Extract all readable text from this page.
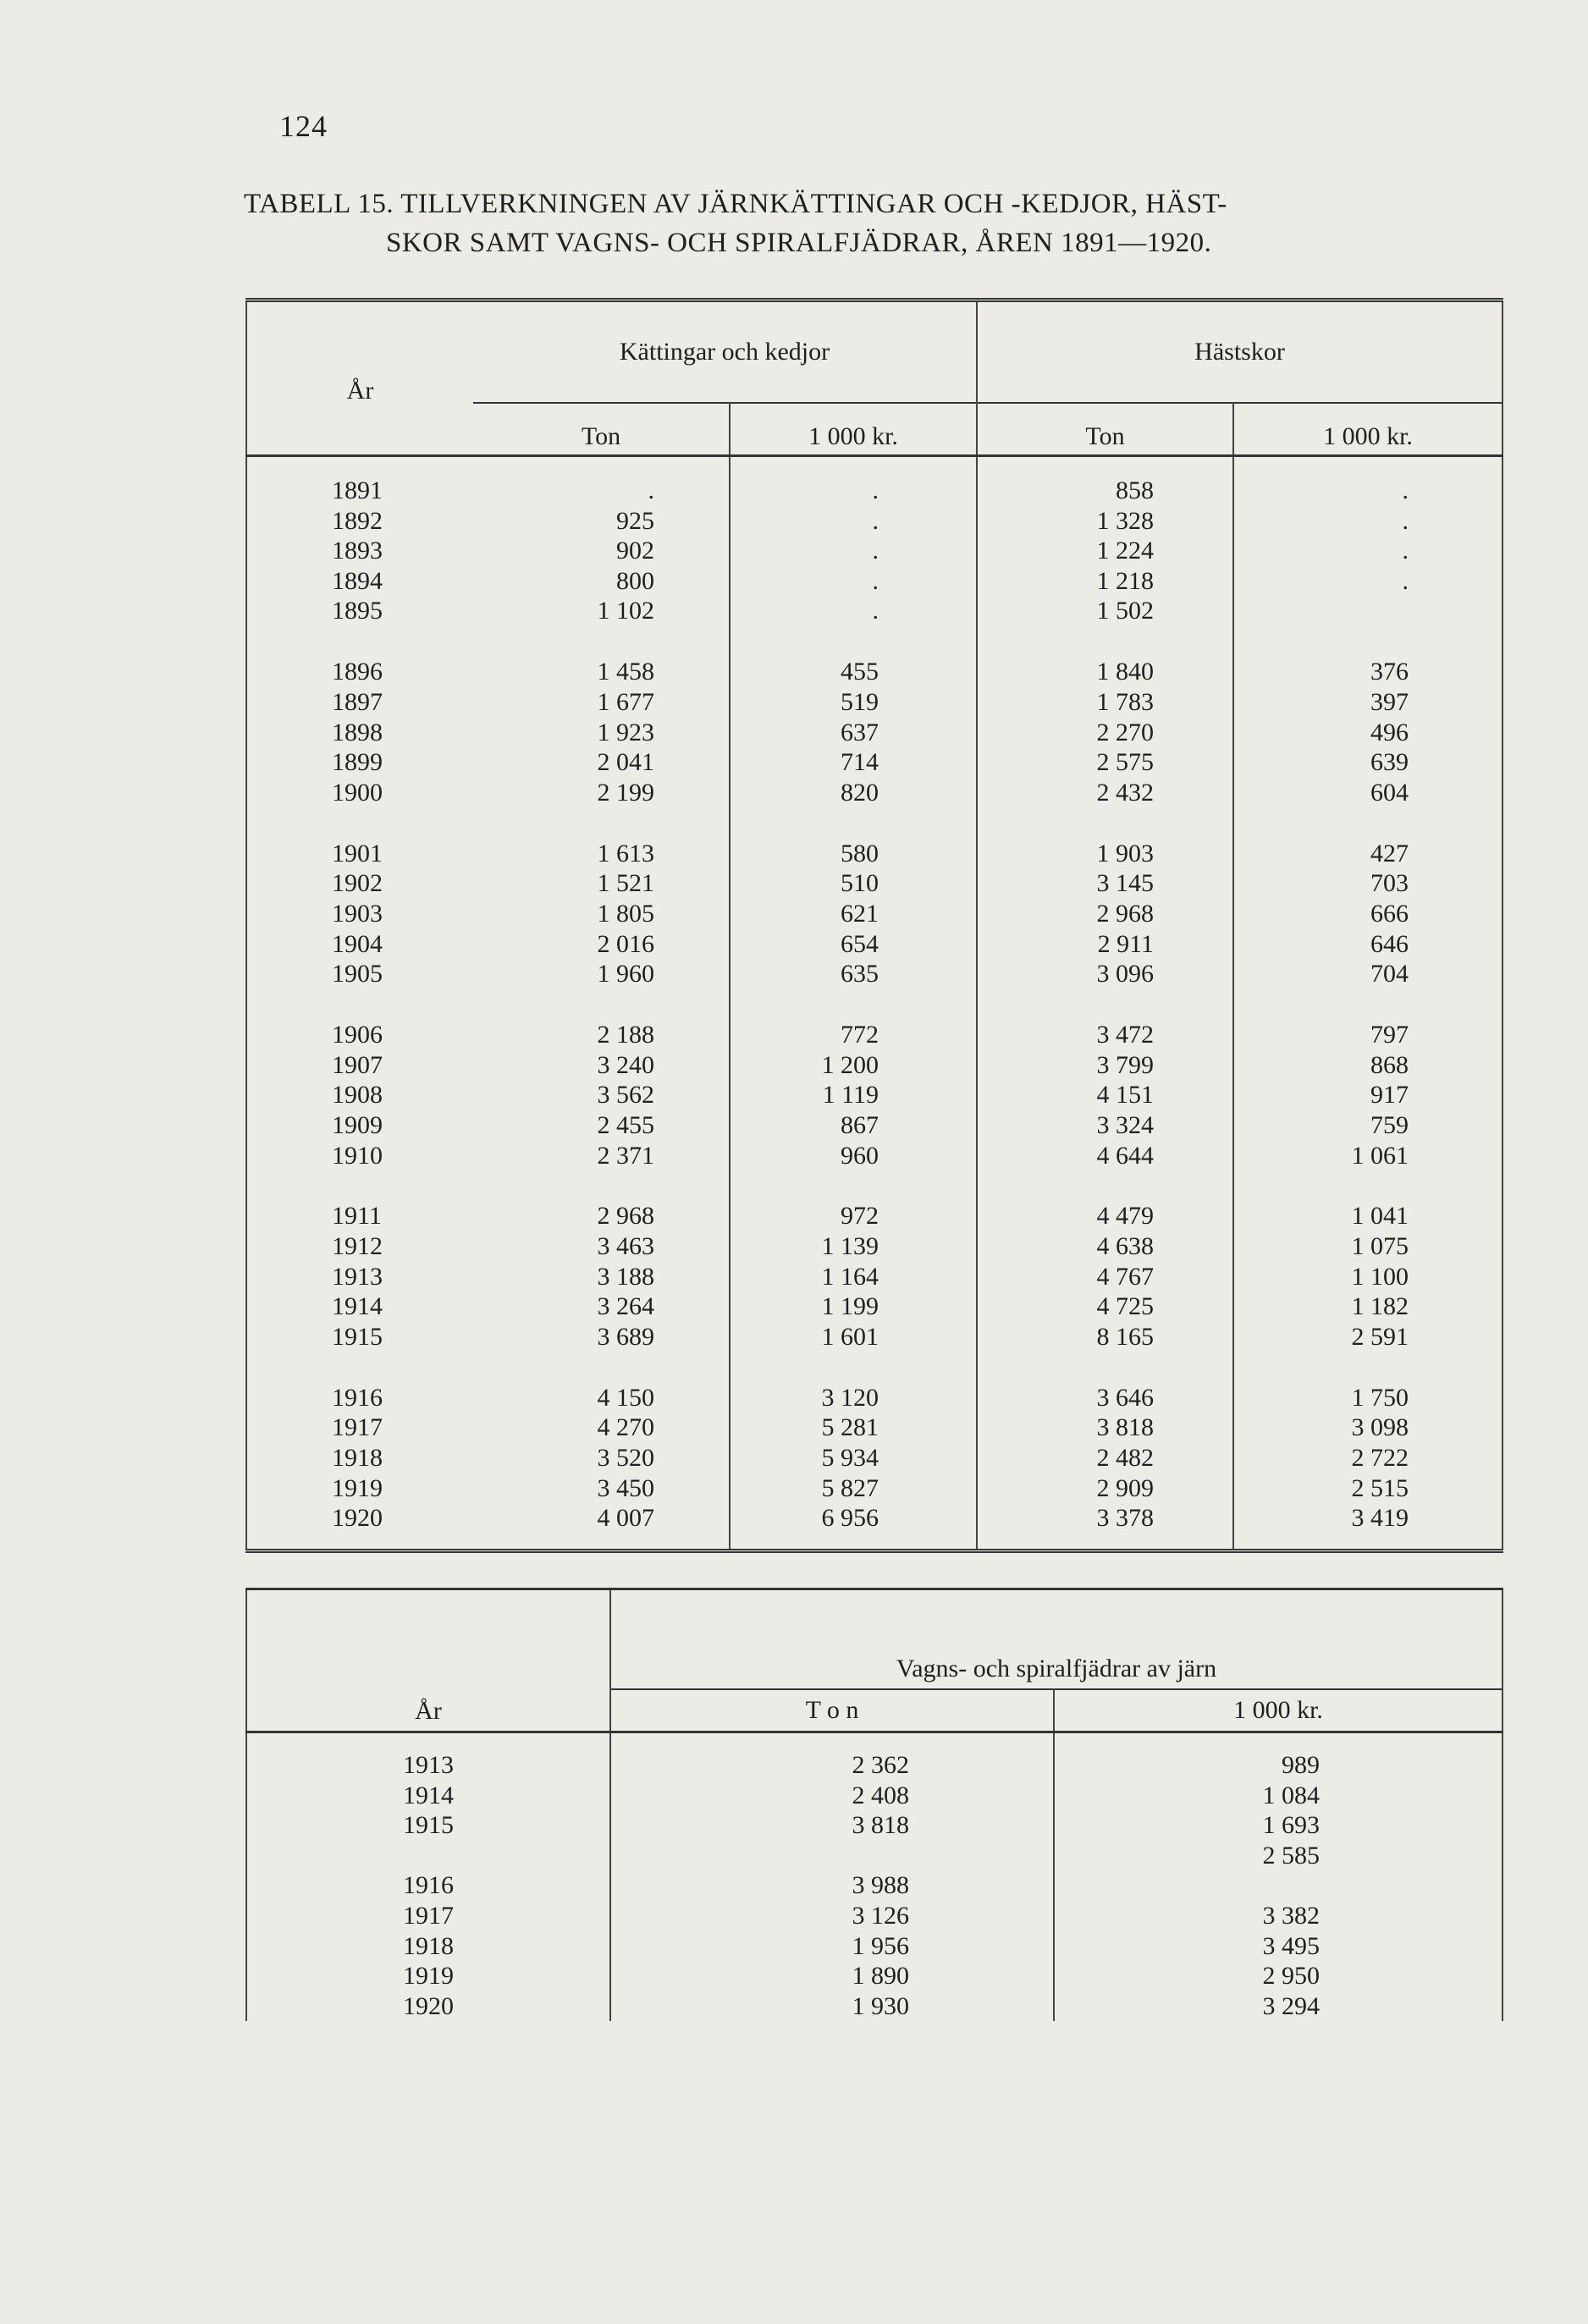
124
TABELL 15. TILLVERKNINGEN AV JÄRNKÄTTINGAR OCH -KEDJOR, HÄST-
SKOR SAMT VAGNS- OCH SPIRALFJÄDRAR, ÅREN 1891—1920.
År	Kättingar och kedjor		Hästskor	
	Ton	1 000 kr.	Ton	1 000 kr.
1891	.	.	858	.
1892	925	.	1 328	.
1893	902	.	1 224	.
1894	800	.	1 218	.
1895	1 102	.	1 502	
1896	1 458	455	1 840	376
1897	1 677	519	1 783	397
1898	1 923	637	2 270	496
1899	2 041	714	2 575	639
1900	2 199	820	2 432	604
1901	1 613	580	1 903	427
1902	1 521	510	3 145	703
1903	1 805	621	2 968	666
1904	2 016	654	2 911	646
1905	1 960	635	3 096	704
1906	2 188	772	3 472	797
1907	3 240	1 200	3 799	868
1908	3 562	1 119	4 151	917
1909	2 455	867	3 324	759
1910	2 371	960	4 644	1 061
1911	2 968	972	4 479	1 041
1912	3 463	1 139	4 638	1 075
1913	3 188	1 164	4 767	1 100
1914	3 264	1 199	4 725	1 182
1915	3 689	1 601	8 165	2 591
1916	4 150	3 120	3 646	1 750
1917	4 270	5 281	3 818	3 098
1918	3 520	5 934	2 482	2 722
1919	3 450	5 827	2 909	2 515
1920	4 007	6 956	3 378	3 419
År	Vagns- och spiralfjädrar av järn	
	T o n	1 000 kr.
1913	2 362	989
1914	2 408	1 084
1915	3 818	1 693
		2 585
1916	3 988	
1917	3 126	3 382
1918	1 956	3 495
1919	1 890	2 950
1920	1 930	3 294
